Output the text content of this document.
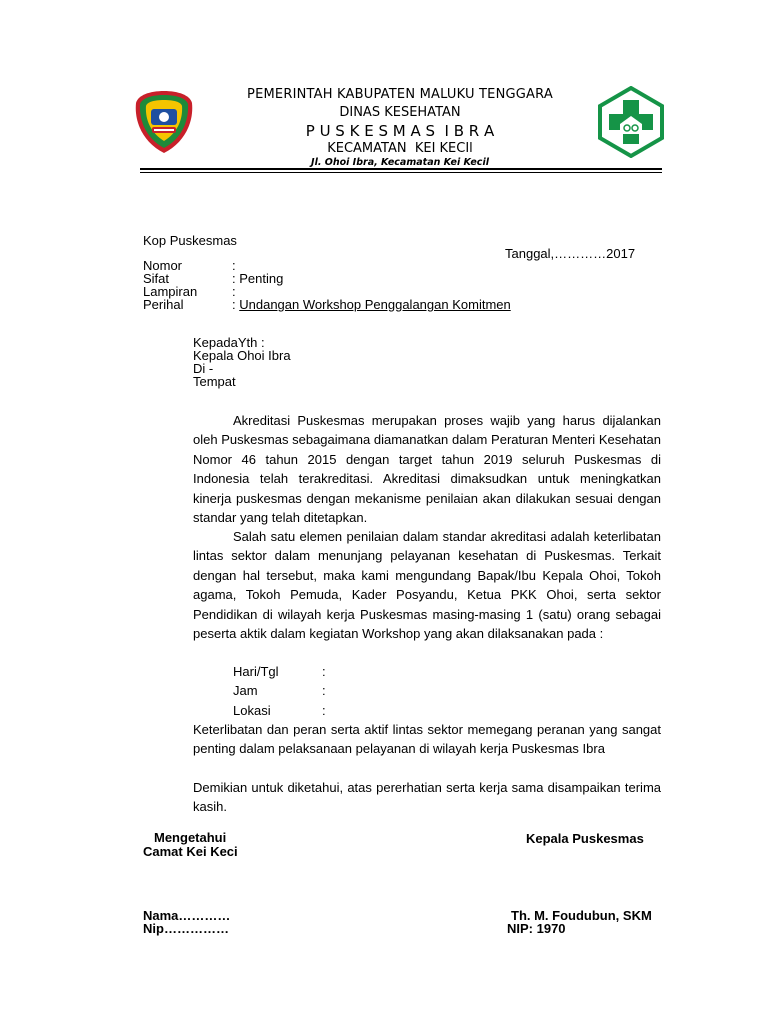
PEMERINTAH KABUPATEN MALUKU TENGGARA
DINAS KESEHATAN
P U S K E S M A S  I B R A
KECAMATAN  KEI KECIl
Jl. Ohoi Ibra, Kecamatan Kei Kecil
Kop Puskesmas
Tanggal,…………2017
Nomor	:
Sifat	: Penting
Lampiran	:
Perihal	: Undangan Workshop Penggalangan Komitmen
KepadaYth :
Kepala Ohoi Ibra
Di -
Tempat

Akreditasi Puskesmas merupakan proses wajib yang harus dijalankan oleh Puskesmas sebagaimana diamanatkan dalam Peraturan Menteri Kesehatan Nomor 46 tahun 2015 dengan target tahun 2019 seluruh Puskesmas di Indonesia telah terakreditasi. Akreditasi dimaksudkan untuk meningkatkan kinerja puskesmas dengan mekanisme penilaian akan dilakukan sesuai dengan standar yang telah ditetapkan.

Salah satu elemen penilaian dalam standar akreditasi adalah keterlibatan lintas sektor dalam menunjang pelayanan kesehatan di Puskesmas. Terkait dengan hal tersebut, maka kami mengundang Bapak/Ibu Kepala Ohoi, Tokoh agama, Tokoh Pemuda, Kader Posyandu, Ketua PKK Ohoi, serta sektor Pendidikan di wilayah kerja Puskesmas masing-masing 1 (satu) orang sebagai peserta aktik dalam kegiatan Workshop yang akan dilaksanakan pada :

Hari/Tgl	:
Jam	:
Lokasi	:

Keterlibatan dan peran serta aktif lintas sektor memegang peranan yang sangat penting dalam pelaksanaan pelayanan di wilayah kerja Puskesmas Ibra

Demikian untuk diketahui, atas pererhatian serta kerja sama disampaikan terima kasih.

Mengetahui
Camat Kei Keci
Kepala Puskesmas
Nama…………
Nip……………
Th. M. Foudubun, SKM
NIP: 1970
